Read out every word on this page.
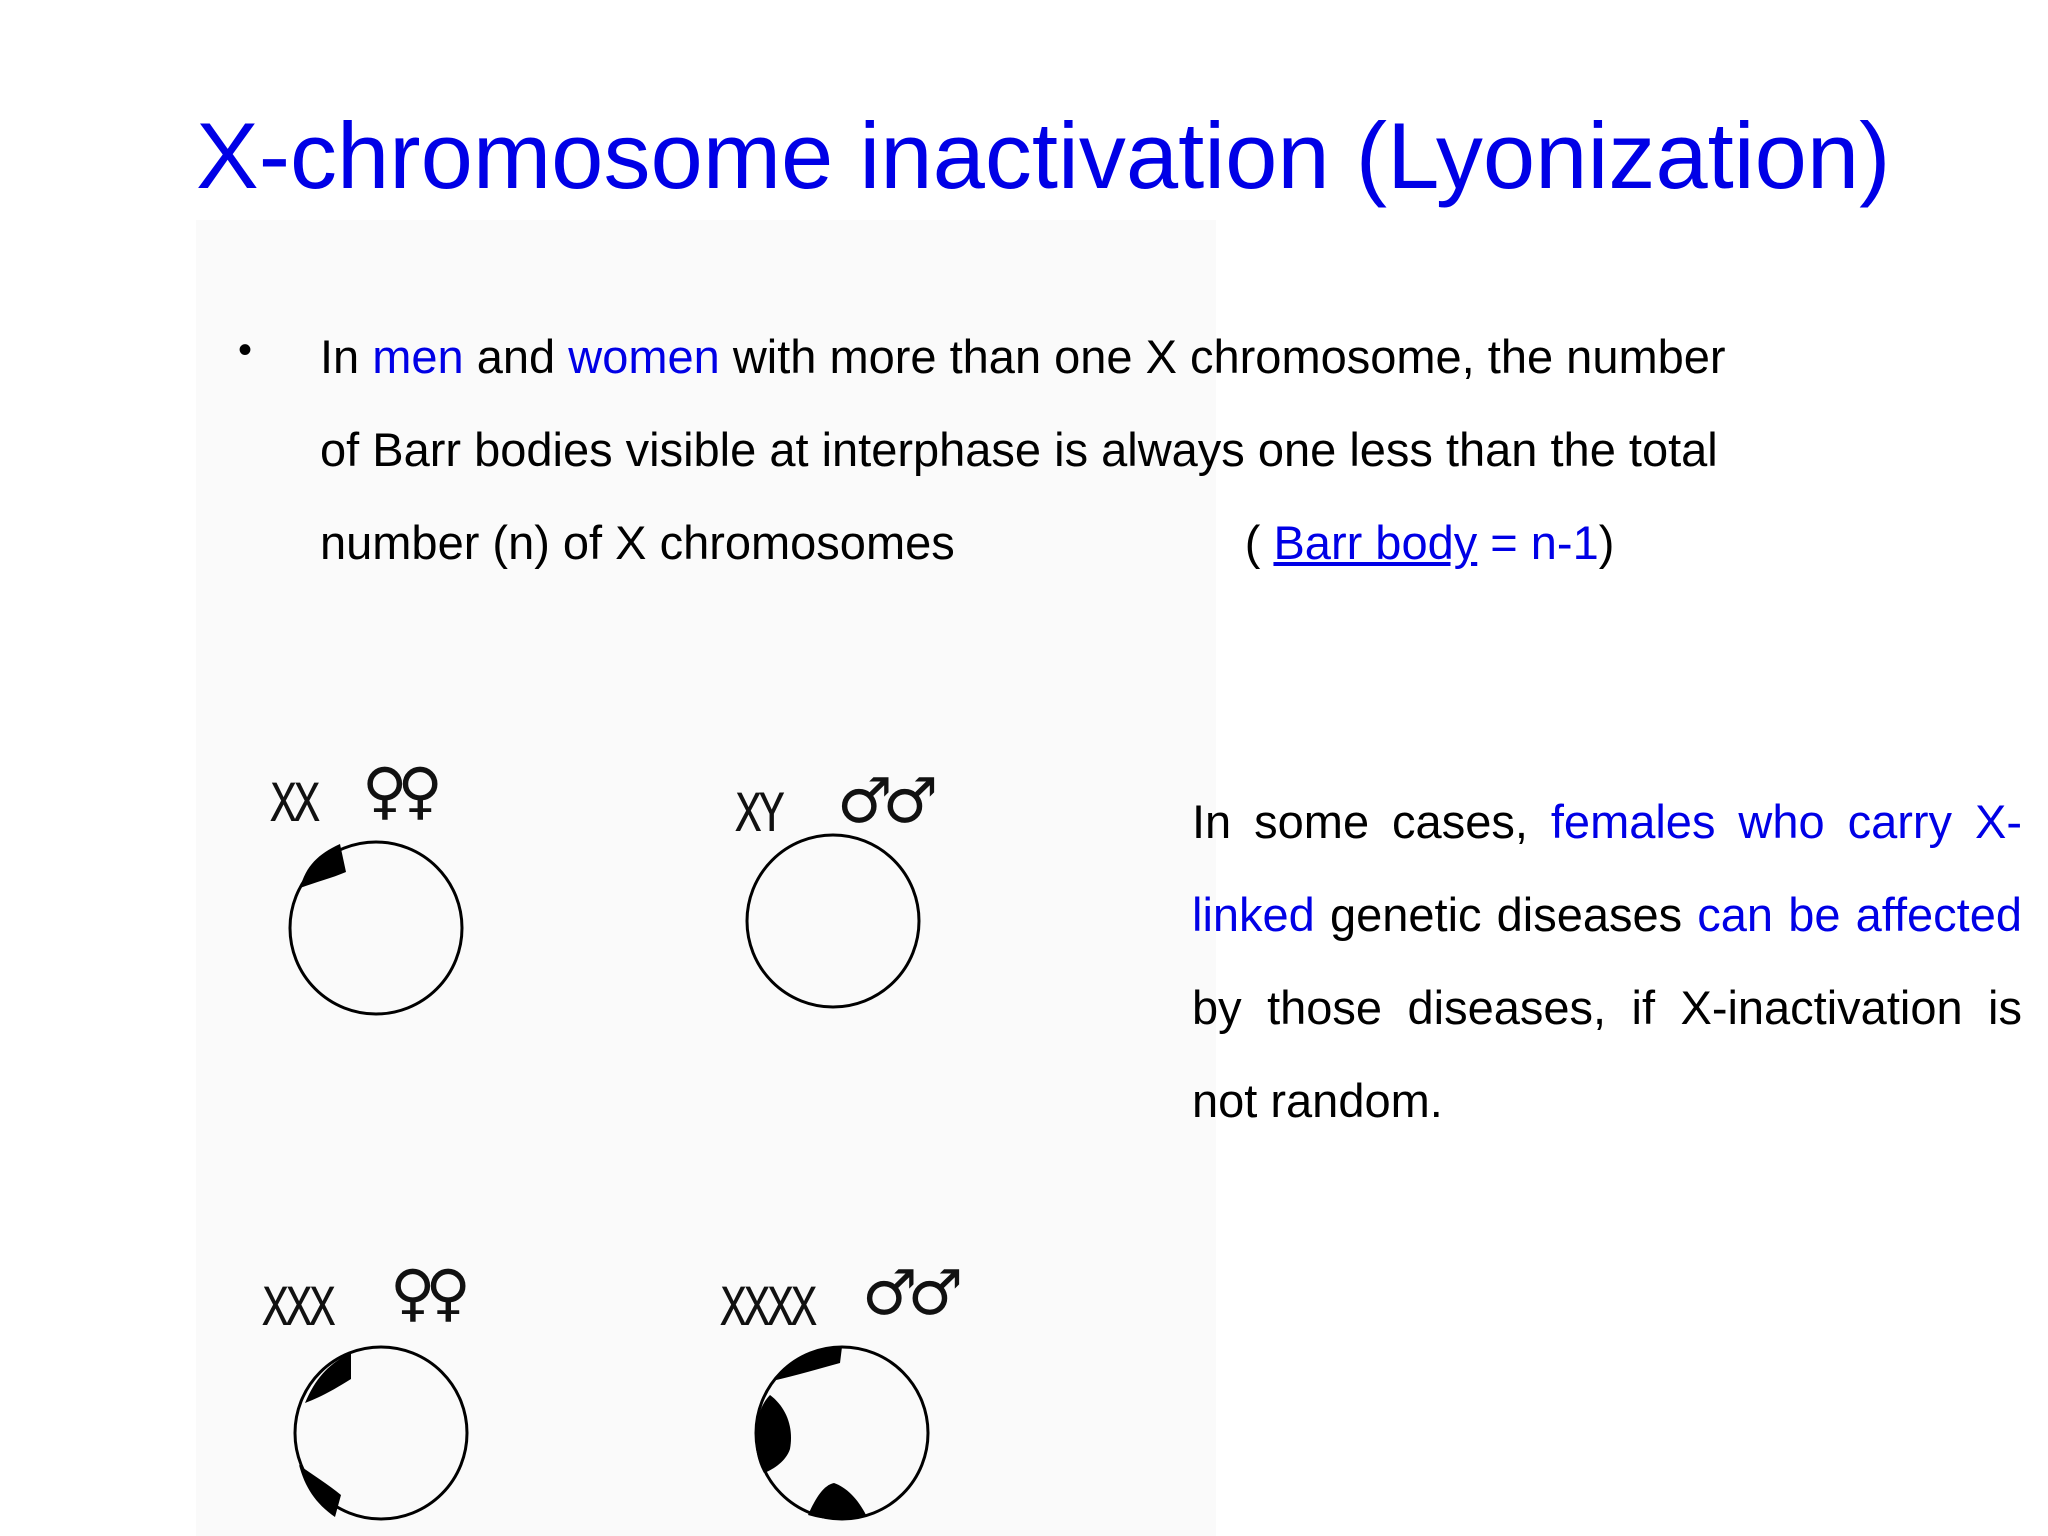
X-chromosome inactivation (Lyonization)
• In men and women with more than one X chromosome, the number
of Barr bodies visible at interphase is always one less than the total
number (n) of X chromosomes	( Barr body = n-1)
XX ♀♀	XY ♂♂
XXX ♀♀	XXXX ♂♂
In some cases, females who carry X-linked genetic diseases can be affected by those diseases, if X-inactivation is not random.
